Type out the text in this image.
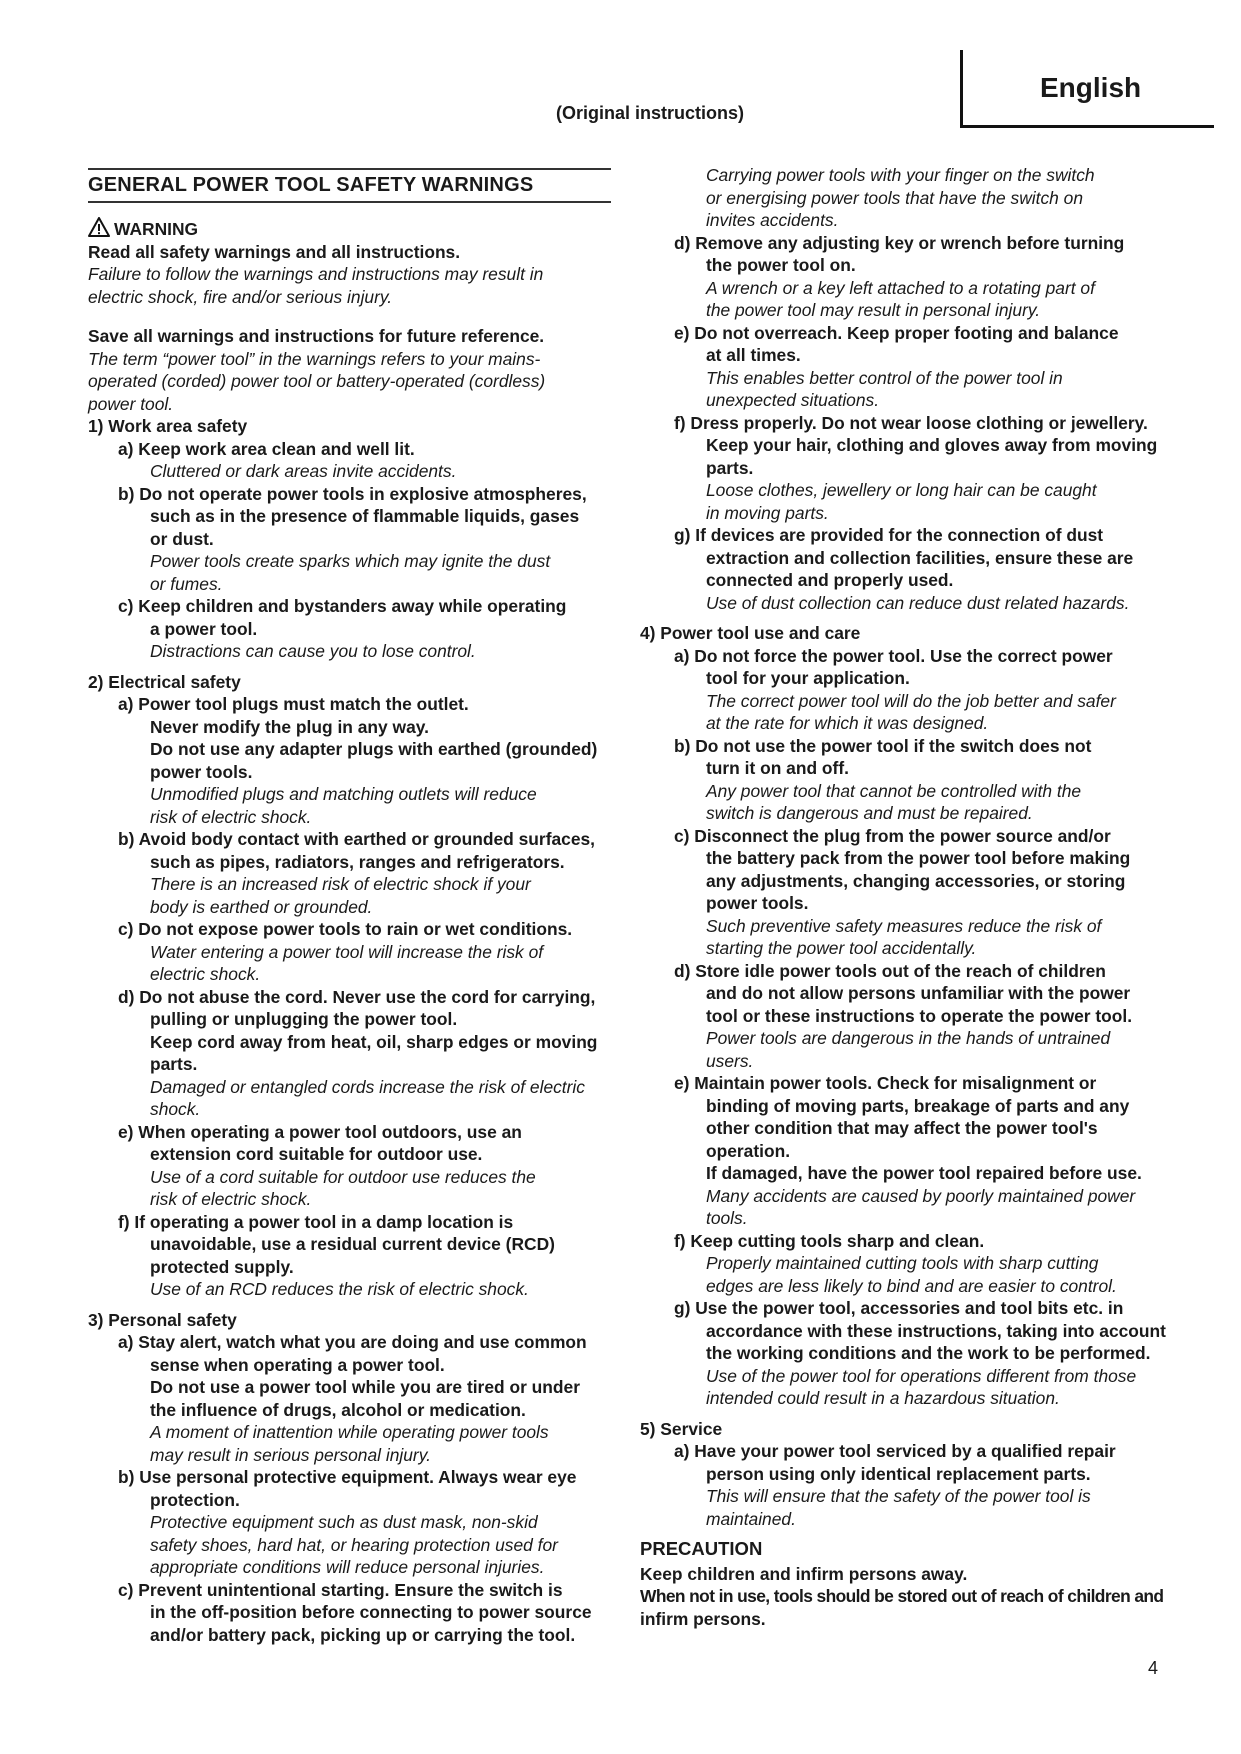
English
(Original instructions)
GENERAL POWER TOOL SAFETY WARNINGS
WARNING
Read all safety warnings and all instructions.
Failure to follow the warnings and instructions may result in
electric shock, fire and/or serious injury.
Save all warnings and instructions for future reference.
The term “power tool” in the warnings refers to your mains-
operated (corded) power tool or battery-operated (cordless)
power tool.
1) Work area safety
a) Keep work area clean and well lit.
Cluttered or dark areas invite accidents.
b) Do not operate power tools in explosive atmospheres,
such as in the presence of flammable liquids, gases
or dust.
Power tools create sparks which may ignite the dust
or fumes.
c) Keep children and bystanders away while operating
a power tool.
Distractions can cause you to lose control.
2) Electrical safety
a) Power tool plugs must match the outlet.
Never modify the plug in any way.
Do not use any adapter plugs with earthed (grounded)
power tools.
Unmodified plugs and matching outlets will reduce
risk of electric shock.
b) Avoid body contact with earthed or grounded surfaces,
such as pipes, radiators, ranges and refrigerators.
There is an increased risk of electric shock if your
body is earthed or grounded.
c) Do not expose power tools to rain or wet conditions.
Water entering a power tool will increase the risk of
electric shock.
d) Do not abuse the cord. Never use the cord for carrying,
pulling or unplugging the power tool.
Keep cord away from heat, oil, sharp edges or moving
parts.
Damaged or entangled cords increase the risk of electric
shock.
e) When operating a power tool outdoors, use an
extension cord suitable for outdoor use.
Use of a cord suitable for outdoor use reduces the
risk of electric shock.
f) If operating a power tool in a damp location is
unavoidable, use a residual current device (RCD)
protected supply.
Use of an RCD reduces the risk of electric shock.
3) Personal safety
a) Stay alert, watch what you are doing and use common
sense when operating a power tool.
Do not use a power tool while you are tired or under
the influence of drugs, alcohol or medication.
A moment of inattention while operating power tools
may result in serious personal injury.
b) Use personal protective equipment. Always wear eye
protection.
Protective equipment such as dust mask, non-skid
safety shoes, hard hat, or hearing protection used for
appropriate conditions will reduce personal injuries.
c) Prevent unintentional starting. Ensure the switch is
in the off-position before connecting to power source
and/or battery pack, picking up or carrying the tool.
Carrying power tools with your finger on the switch
or energising power tools that have the switch on
invites accidents.
d) Remove any adjusting key or wrench before turning
the power tool on.
A wrench or a key left attached to a rotating part of
the power tool may result in personal injury.
e) Do not overreach. Keep proper footing and balance
at all times.
This enables better control of the power tool in
unexpected situations.
f) Dress properly. Do not wear loose clothing or jewellery.
Keep your hair, clothing and gloves away from moving
parts.
Loose clothes, jewellery or long hair can be caught
in moving parts.
g) If devices are provided for the connection of dust
extraction and collection facilities, ensure these are
connected and properly used.
Use of dust collection can reduce dust related hazards.
4) Power tool use and care
a) Do not force the power tool. Use the correct power
tool for your application.
The correct power tool will do the job better and safer
at the rate for which it was designed.
b) Do not use the power tool if the switch does not
turn it on and off.
Any power tool that cannot be controlled with the
switch is dangerous and must be repaired.
c) Disconnect the plug from the power source and/or
the battery pack from the power tool before making
any adjustments, changing accessories, or storing
power tools.
Such preventive safety measures reduce the risk of
starting the power tool accidentally.
d) Store idle power tools out of the reach of children
and do not allow persons unfamiliar with the power
tool or these instructions to operate the power tool.
Power tools are dangerous in the hands of untrained
users.
e) Maintain power tools. Check for misalignment or
binding of moving parts, breakage of parts and any
other condition that may affect the power tool's
operation.
If damaged, have the power tool repaired before use.
Many accidents are caused by poorly maintained power
tools.
f) Keep cutting tools sharp and clean.
Properly maintained cutting tools with sharp cutting
edges are less likely to bind and are easier to control.
g) Use the power tool, accessories and tool bits etc. in
accordance with these instructions, taking into account
the working conditions and the work to be performed.
Use of the power tool for operations different from those
intended could result in a hazardous situation.
5) Service
a) Have your power tool serviced by a qualified repair
person using only identical replacement parts.
This will ensure that the safety of the power tool is
maintained.
PRECAUTION
Keep children and infirm persons away.
When not in use, tools should be stored out of reach of children and
infirm persons.
4
